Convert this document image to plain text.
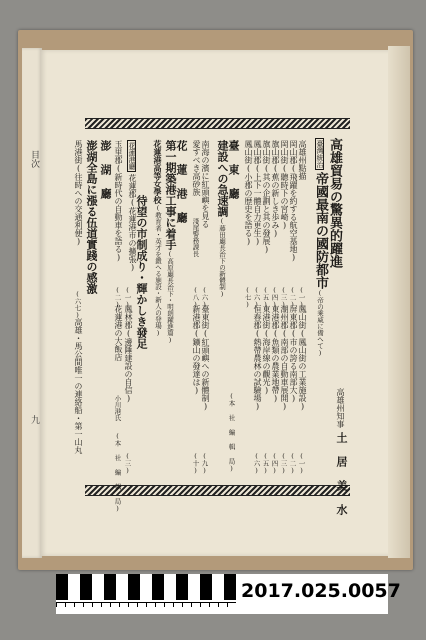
目次
九	高雄州知事
土 居 美 水
高雄貿易の驚異的躍進
臺灣統治帝國最南の國防都市(帝の乘威に備へて)
高雄州點描
岡山郡(飛躍を約する航空基地)
岡山街(聽時下の宮崎)
旗山郡(蕉の新しき歩み)
旗山街(其の企劃と其の發展)
鳳山郡(上下一體自力更生)
鳳山街(小郡の歴史を語る)
(一)
(二)
(三)
(四)
(五)
(六)
(七)
鳳山街(鳳山街の工業施設)
屏東郡(市の誇る南部大)
潮州郡(南部の自動車展開)
東港郡(魚類の農業地帶)
東港街(海岸線の觀光)
恒春郡(熱帶農林の試驗場)
(一)
(二)
(三)
(四)
(五)
(六)
臺 東 廳
建設への急速調(藤田廳長治下の新體制)
南海の濱に紅頭嶼を見る
愛すべき高砂族
淺尾警務課長
(六)
(八)
臺東街(紅頭嶼への新體制)
新港郡(鑛山の發達は)
(九)
(十)	(本 社 編 輯 局)
花 蓮 港 廳
第一期築港工事に着手(高原廳長治下・明朗躍進篇)
花蓮港高等女學校(教育者・英才を鍛へる施設・新人の登場)
待望の市制成り・輝かしき發足
花蓮港廳花蓮郡(花蓮港市の擴張)
(一)
玉里郡(新時代の自動車を語る)
(二)
鳳林郡(邊陲建設の自信)
(三)
花蓮港の大飯店
小川港氏
(本 社 編 輯 局)
澎 湖 廳
澎湖全島に漲る伍道實踐の感激
馬港街(往時への交通利便)
(六七)
高雄・馬公間唯一の連絡船・第一山丸
2017.025.0057
